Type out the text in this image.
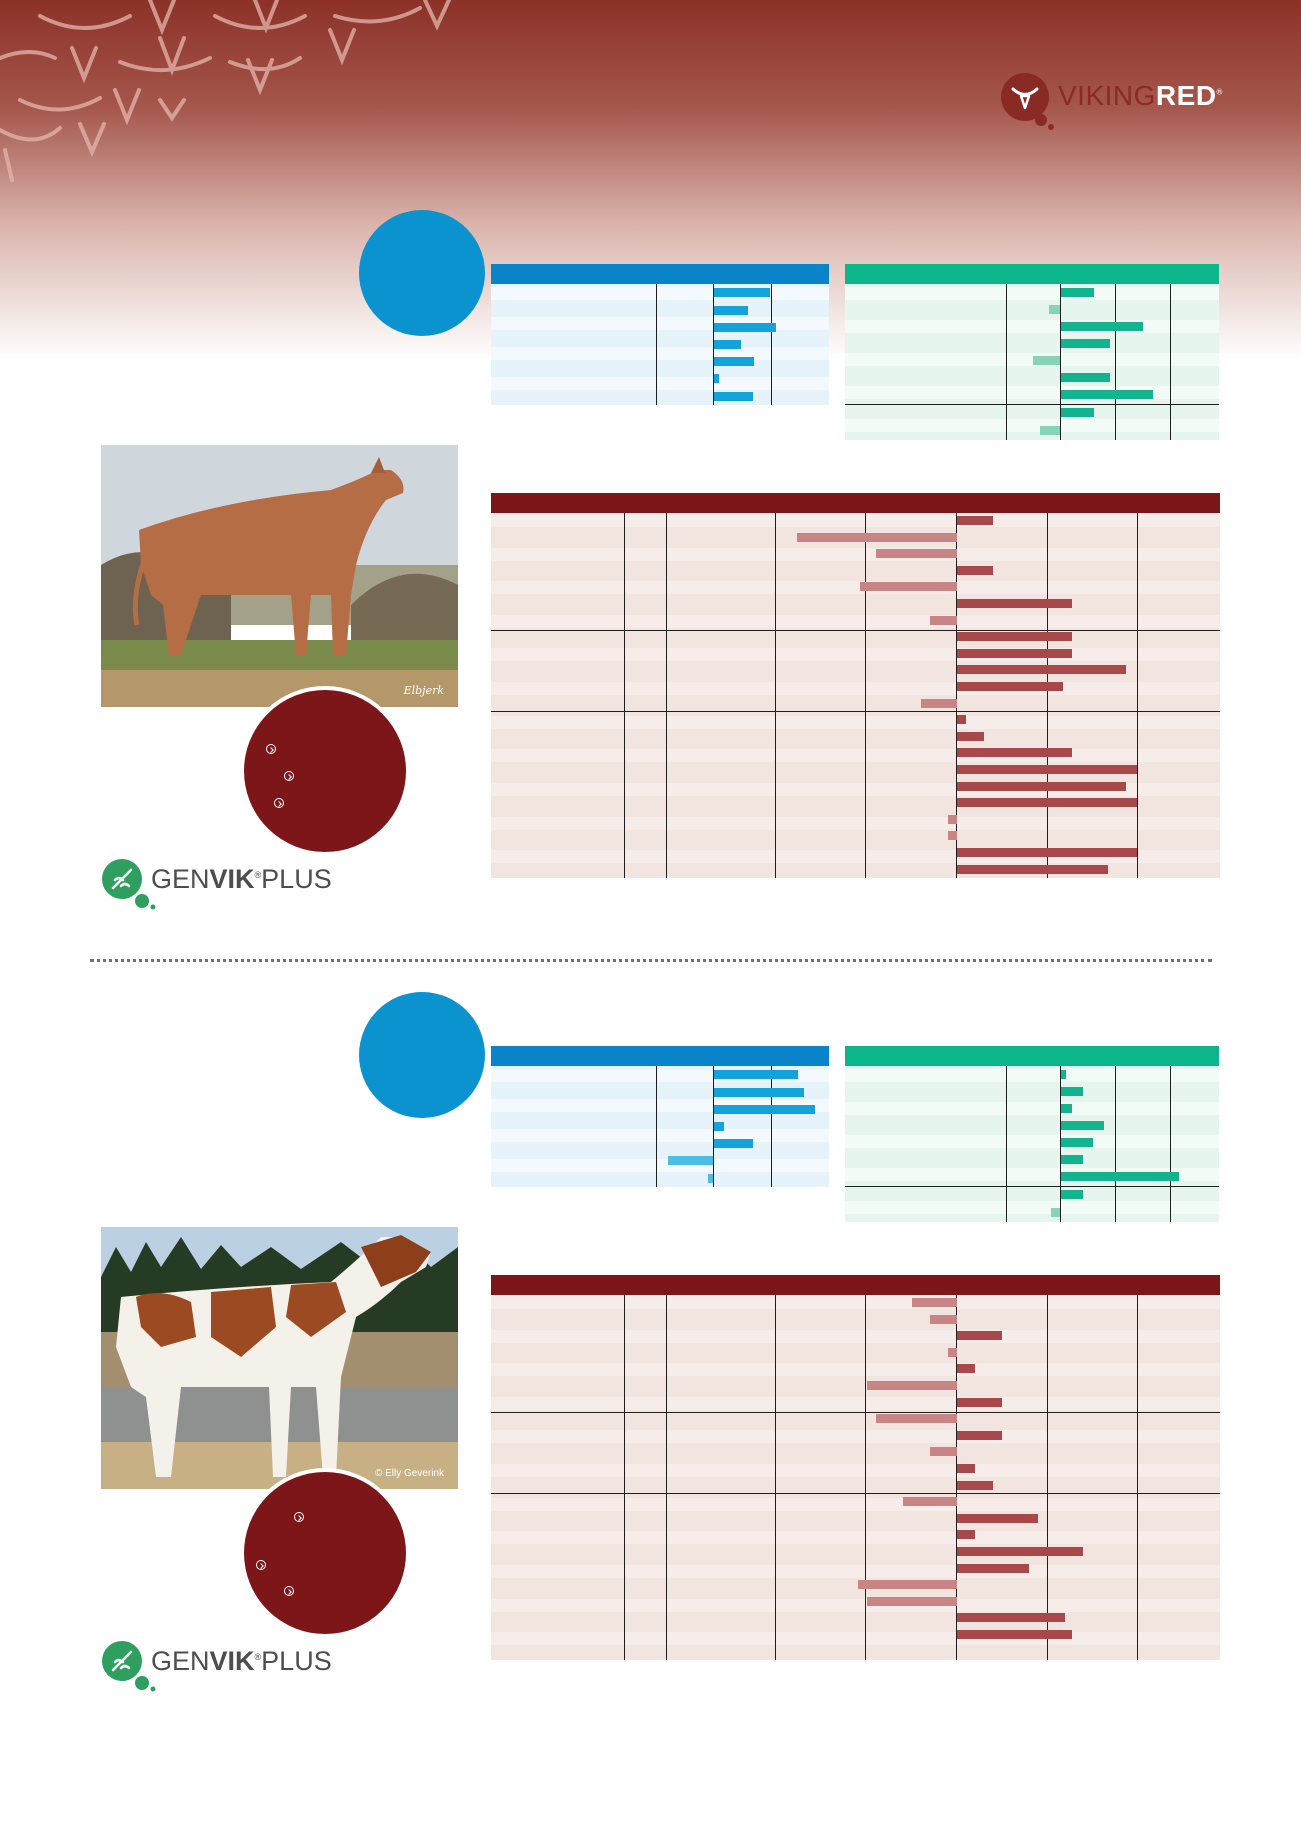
VIKINGRED®
Elbjerk
GENVIK®PLUS
© Elly Geverink
GENVIK®PLUS
